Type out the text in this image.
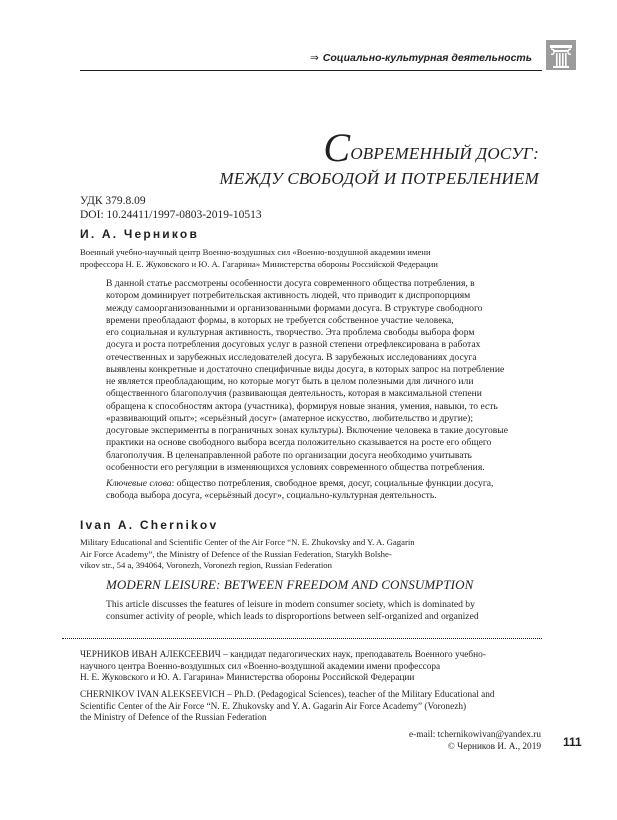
⇒ Социально-культурная деятельность
СОВРЕМЕННЫЙ ДОСУГ:
МЕЖДУ СВОБОДОЙ И ПОТРЕБЛЕНИЕМ
УДК 379.8.09
DOI: 10.24411/1997-0803-2019-10513
И. А. Черников
Военный учебно-научный центр Военно-воздушных сил «Военно-воздушной академии имени
профессора Н. Е. Жуковского и Ю. А. Гагарина» Министерства обороны Российской Федерации
В данной статье рассмотрены особенности досуга современного общества потребления, в
котором доминирует потребительская активность людей, что приводит к диспропорциям
между самоорганизованными и организованными формами досуга. В структуре свободного
времени преобладают формы, в которых не требуется собственное участие человека,
его социальная и культурная активность, творчество. Эта проблема свободы выбора форм
досуга и роста потребления досуговых услуг в разной степени отрефлексирована в работах
отечественных и зарубежных исследователей досуга. В зарубежных исследованиях досуга
выявлены конкретные и достаточно специфичные виды досуга, в которых запрос на потребление
не является преобладающим, но которые могут быть в целом полезными для личного или
общественного благополучия (развивающая деятельность, которая в максимальной степени
обращена к способностям актора (участника), формируя новые знания, умения, навыки, то есть
«развивающий опыт»; «серьёзный досуг» (аматерное искусство, любительство и другие);
досуговые эксперименты в пограничных зонах культуры). Включение человека в такие досуговые
практики на основе свободного выбора всегда положительно сказывается на росте его общего
благополучия. В целенаправленной работе по организации досуга необходимо учитывать
особенности его регуляции в изменяющихся условиях современного общества потребления.
Ключевые слова: общество потребления, свободное время, досуг, социальные функции досуга,
свобода выбора досуга, «серьёзный досуг», социально-культурная деятельность.
Ivan A. Chernikov
Military Educational and Scientific Center of the Air Force “N. E. Zhukovsky and Y. A. Gagarin
Air Force Academy”, the Ministry of Defence of the Russian Federation, Starykh Bolshe-
vikov str., 54 a, 394064, Voronezh, Voronezh region, Russian Federation
MODERN LEISURE: BETWEEN FREEDOM AND CONSUMPTION
This article discusses the features of leisure in modern consumer society, which is dominated by
consumer activity of people, which leads to disproportions between self-organized and organized
ЧЕРНИКОВ ИВАН АЛЕКСЕЕВИЧ – кандидат педагогических наук, преподаватель Военного учебно-
научного центра Военно-воздушных сил «Военно-воздушной академии имени профессора
Н. Е. Жуковского и Ю. А. Гагарина» Министерства обороны Российской Федерации
CHERNIKOV IVAN ALEKSEEVICH – Ph.D. (Pedagogical Sciences), teacher of the Military Educational and
Scientific Center of the Air Force “N. E. Zhukovsky and Y. A. Gagarin Air Force Academy” (Voronezh)
the Ministry of Defence of the Russian Federation
e-mail: tchernikowivan@yandex.ru
© Черников И. А., 2019 111
